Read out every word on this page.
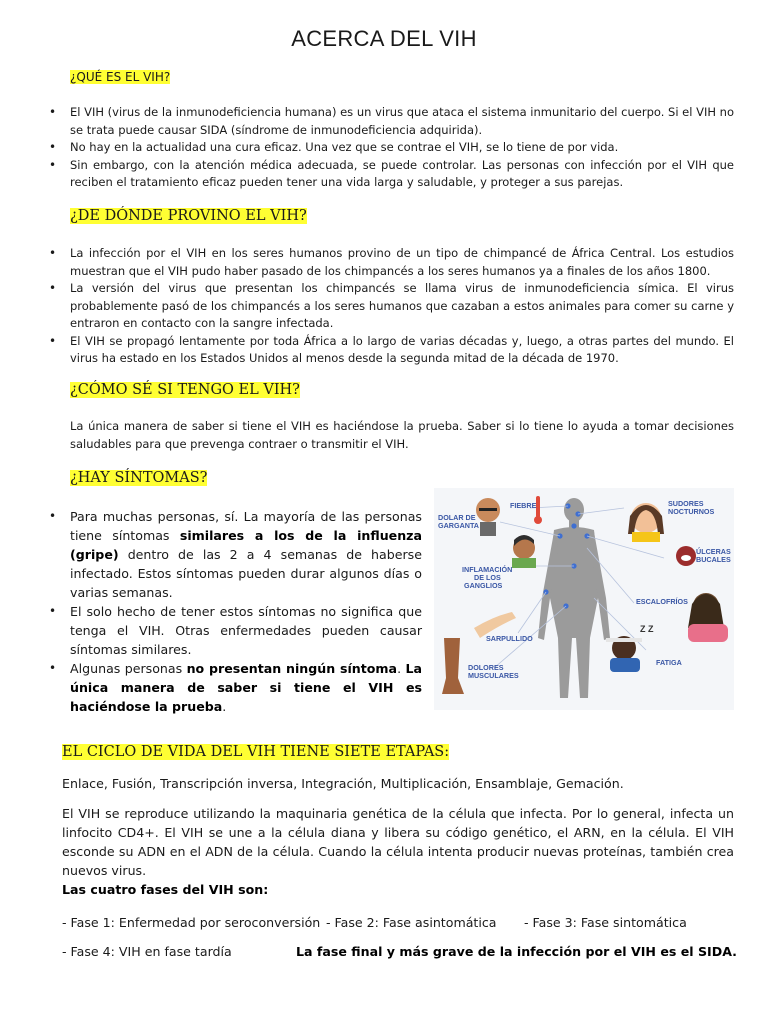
ACERCA DEL VIH
¿QUÉ ES EL VIH?
• El VIH (virus de la inmunodeficiencia humana) es un virus que ataca el sistema inmunitario del cuerpo. Si el VIH no se trata puede causar SIDA (síndrome de inmunodeficiencia adquirida).
• No hay en la actualidad una cura eficaz. Una vez que se contrae el VIH, se lo tiene de por vida.
• Sin embargo, con la atención médica adecuada, se puede controlar. Las personas con infección por el VIH que reciben el tratamiento eficaz pueden tener una vida larga y saludable, y proteger a sus parejas.
¿DE DÓNDE PROVINO EL VIH?
• La infección por el VIH en los seres humanos provino de un tipo de chimpancé de África Central. Los estudios muestran que el VIH pudo haber pasado de los chimpancés a los seres humanos ya a finales de los años 1800.
• La versión del virus que presentan los chimpancés se llama virus de inmunodeficiencia símica. El virus probablemente pasó de los chimpancés a los seres humanos que cazaban a estos animales para comer su carne y entraron en contacto con la sangre infectada.
• El VIH se propagó lentamente por toda África a lo largo de varias décadas y, luego, a otras partes del mundo. El virus ha estado en los Estados Unidos al menos desde la segunda mitad de la década de 1970.
¿CÓMO SÉ SI TENGO EL VIH?
La única manera de saber si tiene el VIH es haciéndose la prueba. Saber si lo tiene lo ayuda a tomar decisiones saludables para que prevenga contraer o transmitir el VIH.
¿HAY SÍNTOMAS?
• Para muchas personas, sí. La mayoría de las personas tiene síntomas similares a los de la influenza (gripe) dentro de las 2 a 4 semanas de haberse infectado. Estos síntomas pueden durar algunos días o varias semanas.
• El solo hecho de tener estos síntomas no significa que tenga el VIH. Otras enfermedades pueden causar síntomas similares.
• Algunas personas no presentan ningún síntoma. La única manera de saber si tiene el VIH es haciéndose la prueba.
FIEBRE
DOLAR DE
GARGANTA
INFLAMACIÓN
DE LOS
GANGLIOS
SARPULLIDO
DOLORES
MUSCULARES
SUDORES
NOCTURNOS
ÚLCERAS
BUCALES
ESCALOFRÍOS
FATIGA
Z Z
EL CICLO DE VIDA DEL VIH TIENE SIETE ETAPAS:
Enlace, Fusión, Transcripción inversa, Integración, Multiplicación, Ensamblaje, Gemación.
El VIH se reproduce utilizando la maquinaria genética de la célula que infecta. Por lo general, infecta un linfocito CD4+. El VIH se une a la célula diana y libera su código genético, el ARN, en la célula. El VIH esconde su ADN en el ADN de la célula. Cuando la célula intenta producir nuevas proteínas, también crea nuevos virus.
Las cuatro fases del VIH son:
- Fase 1: Enfermedad por seroconversión - Fase 2: Fase asintomática - Fase 3: Fase sintomática
- Fase 4: VIH en fase tardía	La fase final y más grave de la infección por el VIH es el SIDA.
